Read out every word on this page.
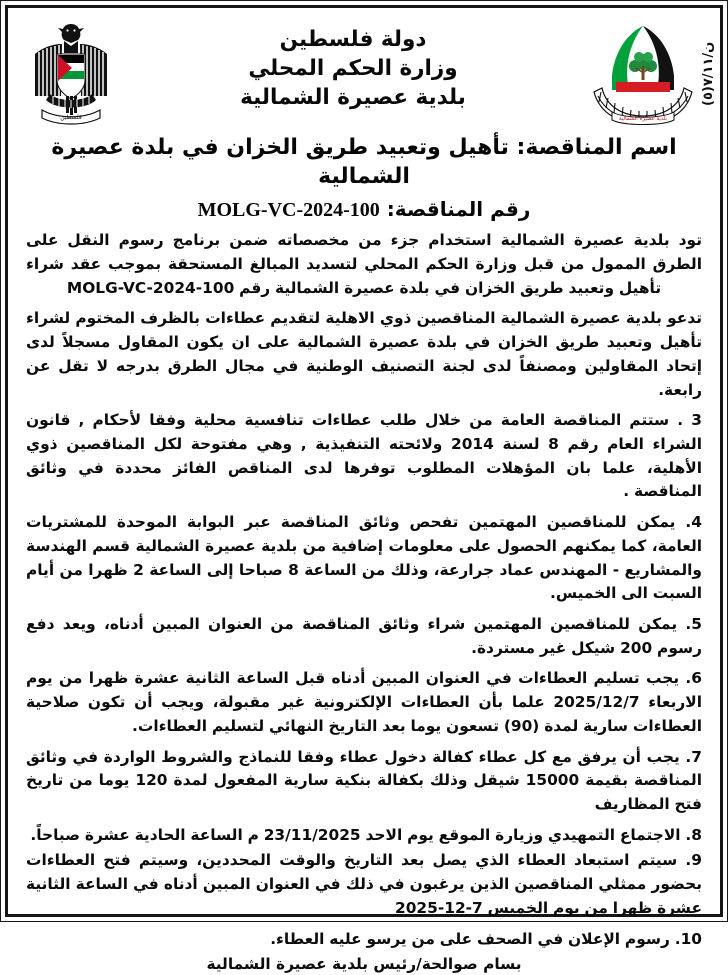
ن/٧/١١(٥)
فلسطين
دولة فلسطين
وزارة الحكم المحلي
بلدية عصيرة الشمالية
بلدية عصيرة الشمالية
اسم المناقصة: تأهيل وتعبيد طريق الخزان في بلدة عصيرة الشمالية
رقم المناقصة: MOLG-VC-2024-100

تود بلدية عصيرة الشمالية استخدام جزء من مخصصاته ضمن برنامج رسوم النقل على الطرق الممول من قبل وزارة الحكم المحلي لتسديد المبالغ المستحقة بموجب عقد شراء تأهيل وتعبيد طريق الخزان في بلدة عصيرة الشمالية رقم MOLG-VC-2024-100

تدعو بلدية عصيرة الشمالية المناقصين ذوي الاهلية لتقديم عطاءات بالظرف المختوم لشراء تأهيل وتعبيد طريق الخزان في بلدة عصيرة الشمالية على ان يكون المقاول مسجلاً لدى إتحاد المقاولين ومصنفاً لدى لجنة التصنيف الوطنية في مجال الطرق بدرجه لا تقل عن رابعة.

3 . ستتم المناقصة العامة من خلال طلب عطاءات تنافسية محلية وفقا لأحكام , قانون الشراء العام رقم 8 لسنة 2014 ولائحته التنفيذية , وهي مفتوحة لكل المناقصين ذوي الأهلية، علما بان المؤهلات المطلوب توفرها لدى المناقص الفائز محددة في وثائق المناقصة .

4. يمكن للمناقصين المهتمين تفحص وثائق المناقصة عبر البوابة الموحدة للمشتريات العامة، كما يمكنهم الحصول على معلومات إضافية من بلدية عصيرة الشمالية قسم الهندسة والمشاريع - المهندس عماد جرارعة، وذلك من الساعة 8 صباحا إلى الساعة 2 ظهرا من أيام السبت الى الخميس.

5. يمكن للمناقصين المهتمين شراء وثائق المناقصة من العنوان المبين أدناه، ويعد دفع رسوم 200 شيكل غير مستردة.

6. يجب تسليم العطاءات في العنوان المبين أدناه قبل الساعة الثانية عشرة ظهرا من يوم الاربعاء 2025/12/7 علما بأن العطاءات الإلكترونية غير مقبولة، ويجب أن تكون صلاحية العطاءات سارية لمدة (90) تسعون يوما بعد التاريخ النهائي لتسليم العطاءات.

7. يجب أن يرفق مع كل عطاء كفالة دخول عطاء وفقا للنماذج والشروط الواردة في وثائق المناقصة بقيمة 15000 شيقل وذلك بكفالة بنكية سارية المفعول لمدة 120 يوما من تاريخ فتح المظاريف

8. الاجتماع التمهيدي وزيارة الموقع يوم الاحد 23/11/2025 م الساعة الحادية عشرة صباحاً.

9. سيتم استبعاد العطاء الذي يصل بعد التاريخ والوقت المحددين، وسيتم فتح العطاءات بحضور ممثلي المناقصين الذين يرغبون في ذلك في العنوان المبين أدناه في الساعة الثانية عشرة ظهرا من يوم الخميس 7-12-2025

10. رسوم الإعلان في الصحف على من يرسو عليه العطاء.

بسام صوالحة/رئيس بلدية عصيرة الشمالية
